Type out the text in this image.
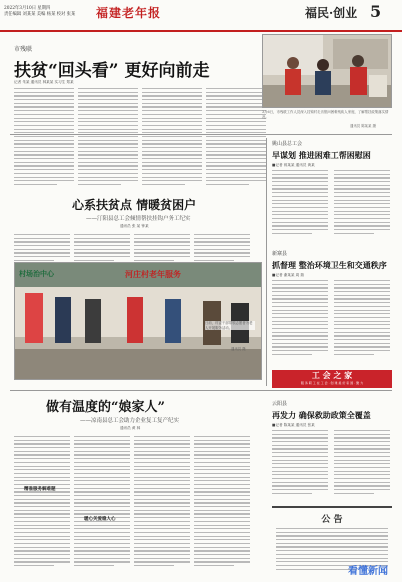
2022年3月10日 星期四
责任编辑 刘某某 美编 杨某 校对 张某	福建老年报	福民·创业 5
市残联
扶贫“回头看” 更好向前走
记者 朱某 通讯员 林某某 实习生 郑某
3月6日，市残联工作人员深入挂钩村走访慰问困难残疾人家庭，了解帮扶政策落实情况。
通讯员 陈某某 摄
姚山县总工会
早谋划 推进困难工帮困慰困
■记者 蒋某某 通讯员 黄某
心系扶贫点 情暖贫困户
——汀阳县总工会倾情帮扶挂钩户务工纪实
通讯员 张 某 钟某
新寨县
抓督理 整治环境卫生和交通秩序
■记者 谢某某 周 瑞
村场治中心	河庄村老年服务
日前，村委干部带领志愿者为老人开展服务活动。
通讯员 摄
工 会 之 家
服 务 职 工 在 工 会 · 创 建 美 好 家 园 · 聚 力
做有温度的“娘家人”
——凉南县总工会助力企业复工复产纪实
通讯员 黄 林
精准服务解难题
暖心关爱稳人心
云阳县
再发力 确保救助政策全覆盖
■记者 陈某某 通讯员 张某
公 告
看懂新闻
